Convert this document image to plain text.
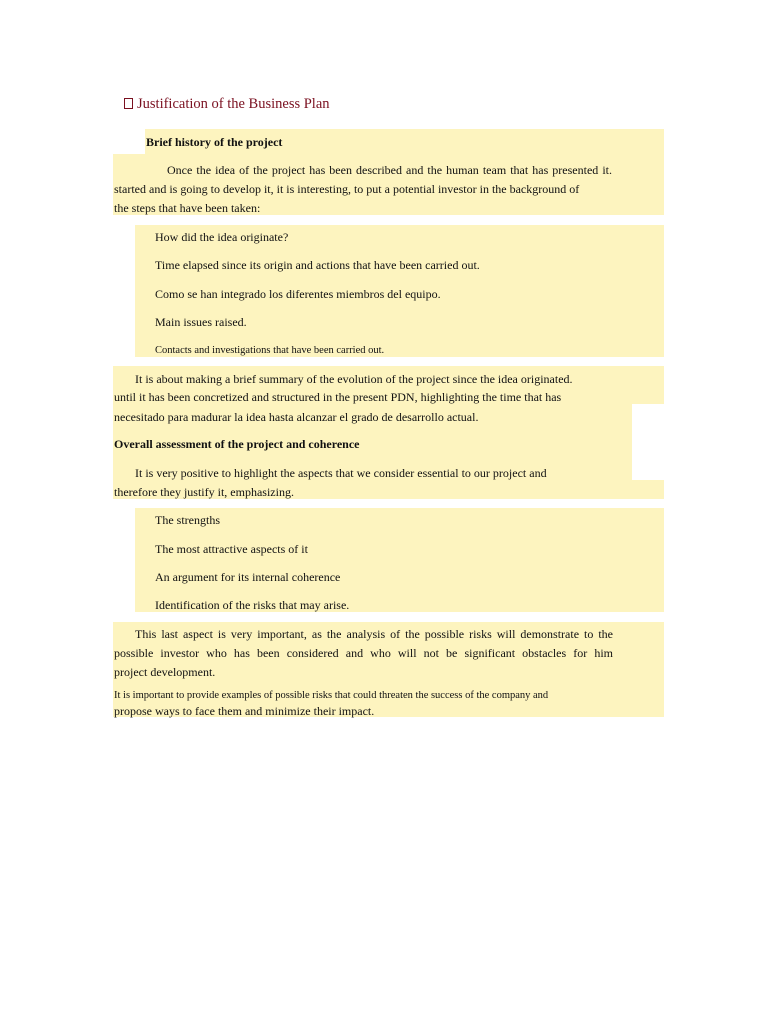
Justification of the Business Plan
Brief history of the project
Once the idea of the project has been described and the human team that has presented it.
started and is going to develop it, it is interesting, to put a potential investor in the background of
the steps that have been taken:
How did the idea originate?
Time elapsed since its origin and actions that have been carried out.
Como se han integrado los diferentes miembros del equipo.
Main issues raised.
Contacts and investigations that have been carried out.
It is about making a brief summary of the evolution of the project since the idea originated.
until it has been concretized and structured in the present PDN, highlighting the time that has
necesitado para madurar la idea hasta alcanzar el grado de desarrollo actual.
Overall assessment of the project and coherence
It is very positive to highlight the aspects that we consider essential to our project and
therefore they justify it, emphasizing.
The strengths
The most attractive aspects of it
An argument for its internal coherence
Identification of the risks that may arise.
This last aspect is very important, as the analysis of the possible risks will demonstrate to the
possible investor who has been considered and who will not be significant obstacles for him
project development.
It is important to provide examples of possible risks that could threaten the success of the company and
propose ways to face them and minimize their impact.
